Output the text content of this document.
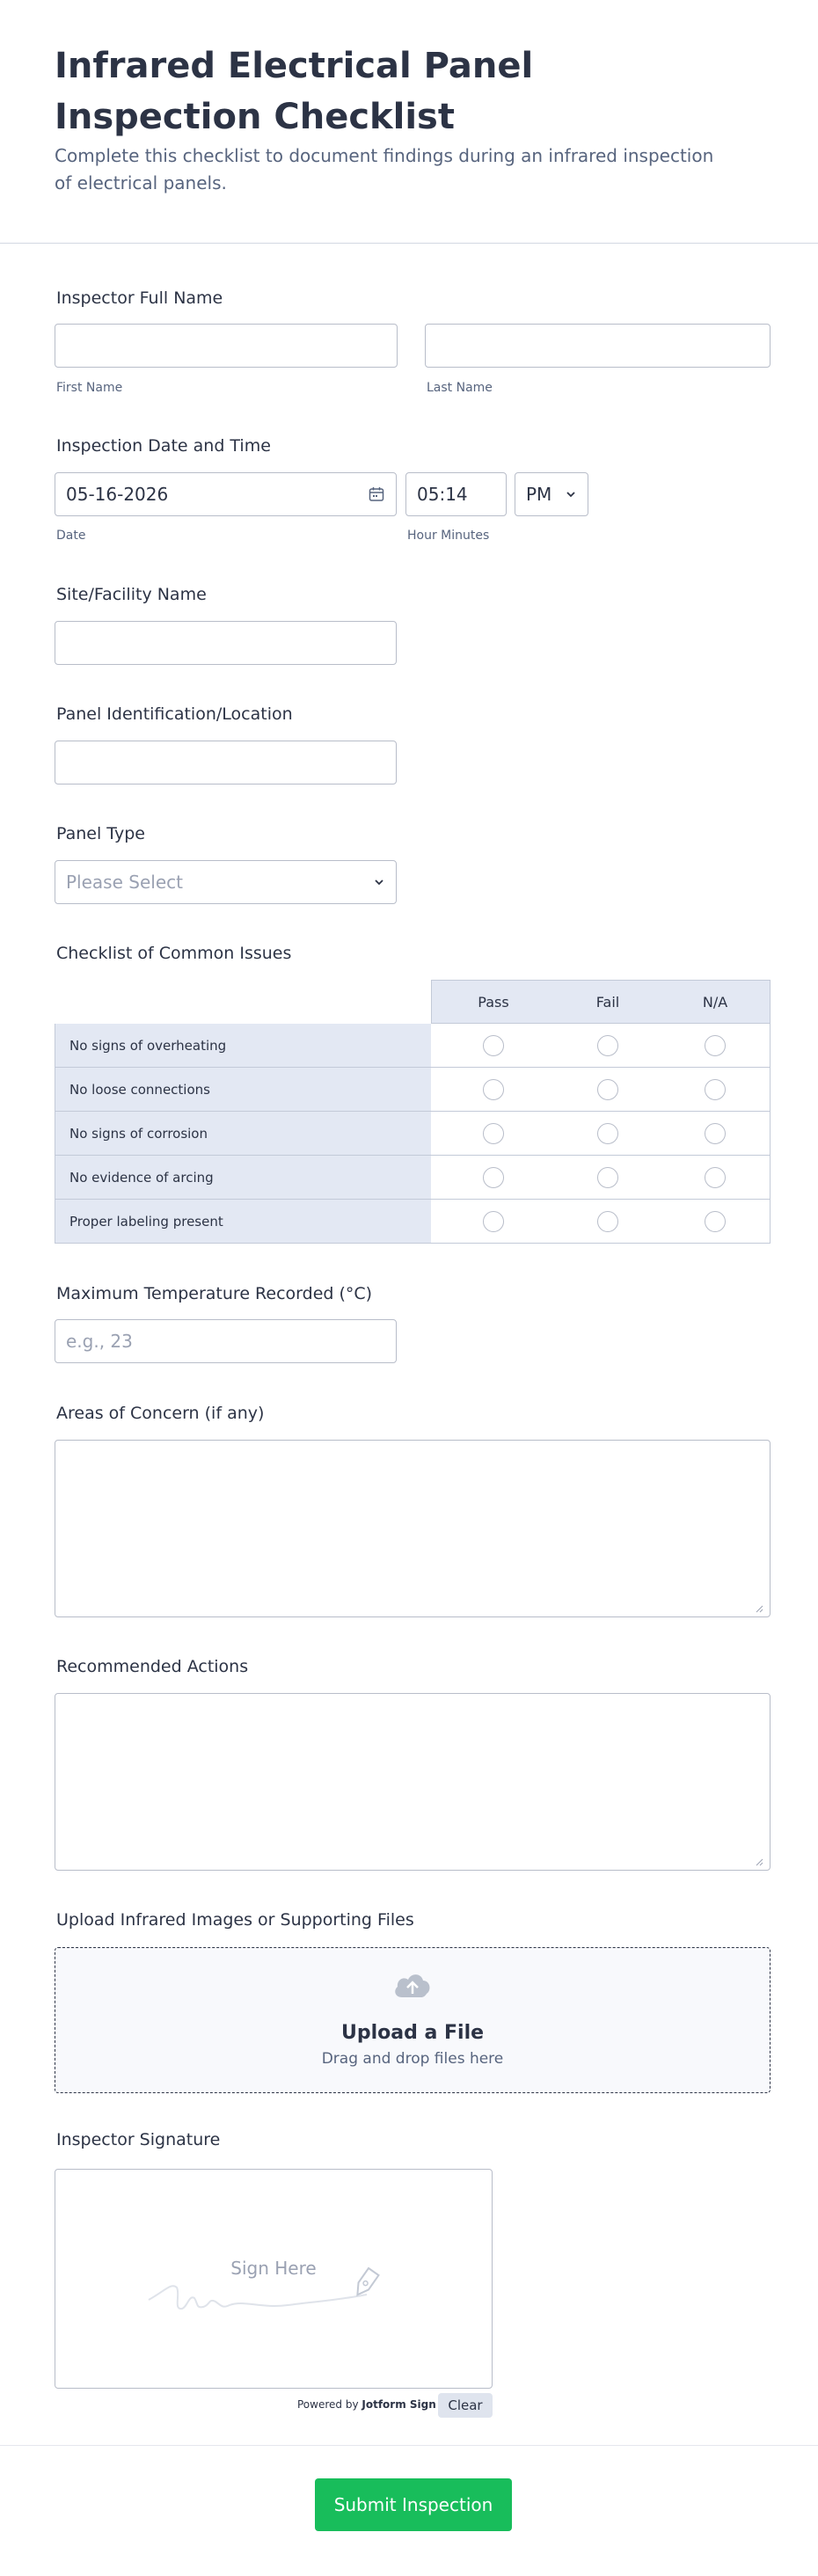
Infrared Electrical Panel Inspection Checklist
Complete this checklist to document findings during an infrared inspection of electrical panels.
Inspector Full Name
First Name	Last Name
Inspection Date and Time
05-16-2026	05:14	PM
Date	Hour Minutes
Site/Facility Name
Panel Identification/Location
Panel Type
Please Select
Checklist of Common Issues
Pass	Fail	N/A
No signs of overheating
No loose connections
No signs of corrosion
No evidence of arcing
Proper labeling present
Maximum Temperature Recorded (°C)
e.g., 23
Areas of Concern (if any)
Recommended Actions
Upload Infrared Images or Supporting Files
Upload a File
Drag and drop files here
Inspector Signature
Sign Here
Powered by Jotform Sign Clear
Submit Inspection
